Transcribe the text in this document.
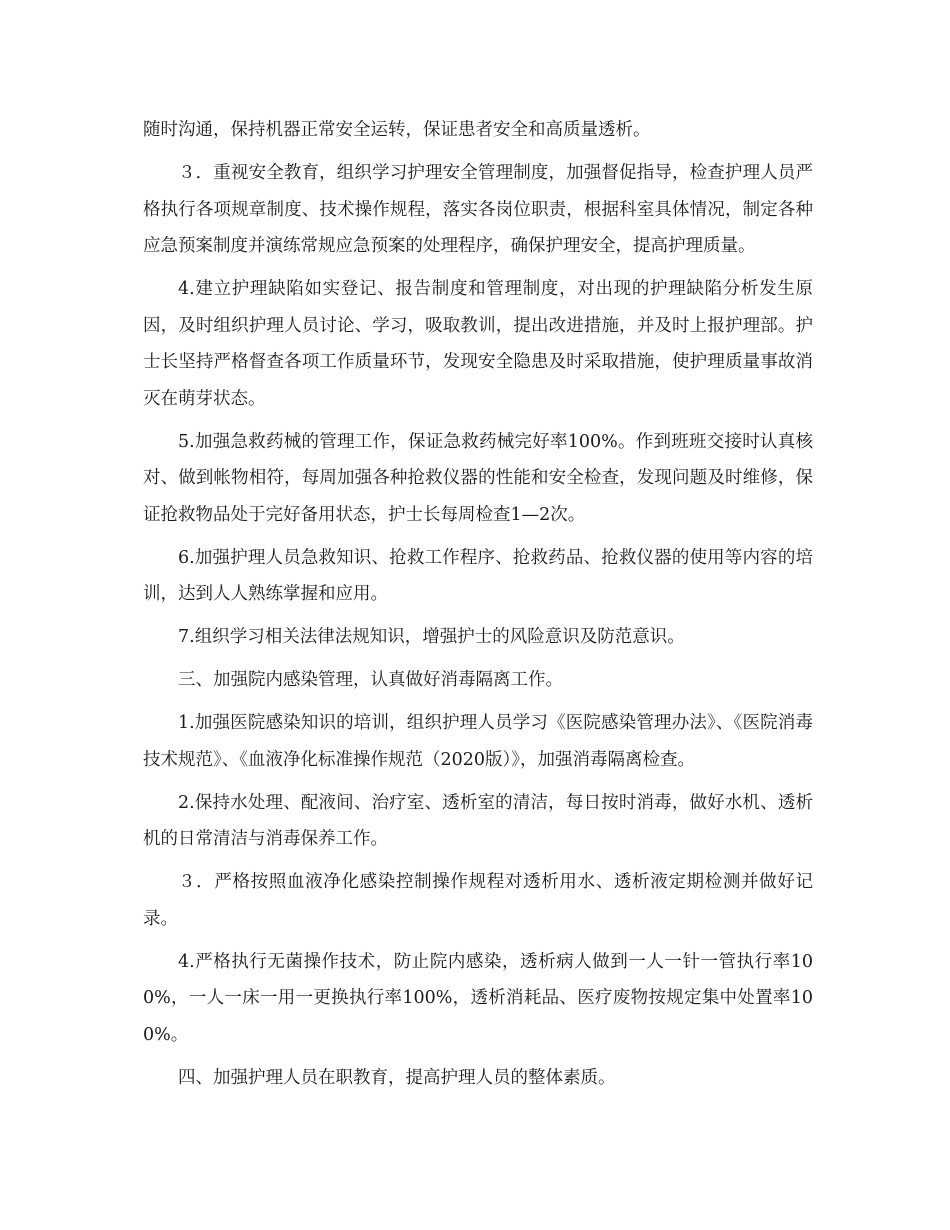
随时沟通，保持机器正常安全运转，保证患者安全和高质量透析。

３．重视安全教育，组织学习护理安全管理制度，加强督促指导，检查护理人员严格执行各项规章制度、技术操作规程，落实各岗位职责，根据科室具体情况，制定各种应急预案制度并演练常规应急预案的处理程序，确保护理安全，提高护理质量。

4.建立护理缺陷如实登记、报告制度和管理制度，对出现的护理缺陷分析发生原因，及时组织护理人员讨论、学习，吸取教训，提出改进措施，并及时上报护理部。护士长坚持严格督查各项工作质量环节，发现安全隐患及时采取措施，使护理质量事故消灭在萌芽状态。

5.加强急救药械的管理工作，保证急救药械完好率100%。作到班班交接时认真核对、做到帐物相符，每周加强各种抢救仪器的性能和安全检查，发现问题及时维修，保证抢救物品处于完好备用状态，护士长每周检查1—2次。

6.加强护理人员急救知识、抢救工作程序、抢救药品、抢救仪器的使用等内容的培训，达到人人熟练掌握和应用。

7.组织学习相关法律法规知识，增强护士的风险意识及防范意识。

三、加强院内感染管理，认真做好消毒隔离工作。

1.加强医院感染知识的培训，组织护理人员学习《医院感染管理办法》、《医院消毒技术规范》、《血液净化标准操作规范（2020版）》，加强消毒隔离检查。

2.保持水处理、配液间、治疗室、透析室的清洁，每日按时消毒，做好水机、透析机的日常清洁与消毒保养工作。

３．严格按照血液净化感染控制操作规程对透析用水、透析液定期检测并做好记录。

4.严格执行无菌操作技术，防止院内感染，透析病人做到一人一针一管执行率100%，一人一床一用一更换执行率100%，透析消耗品、医疗废物按规定集中处置率100%。

四、加强护理人员在职教育，提高护理人员的整体素质。
